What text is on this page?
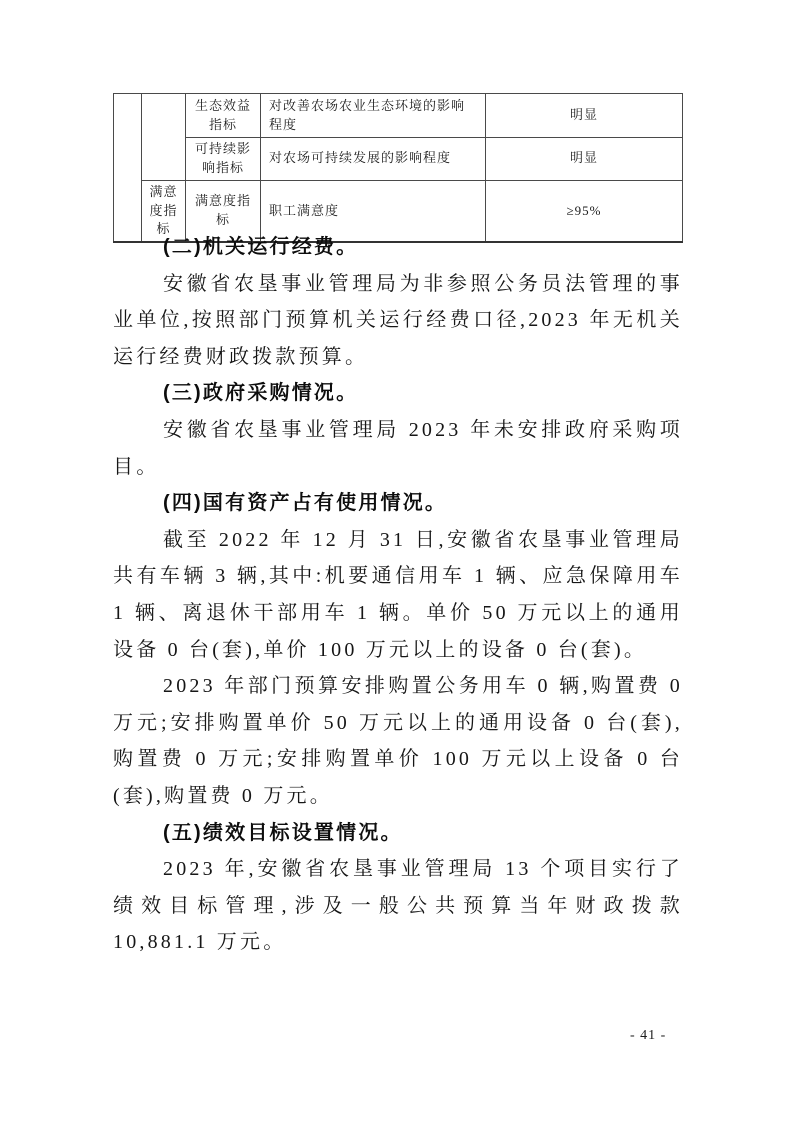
		生态效益指标	对改善农场农业生态环境的影响程度	明显
		可持续影响指标	对农场可持续发展的影响程度	明显
	满意度指标	满意度指标	职工满意度	≥95%

(二)机关运行经费。

安徽省农垦事业管理局为非参照公务员法管理的事业单位,按照部门预算机关运行经费口径,2023 年无机关运行经费财政拨款预算。

(三)政府采购情况。

安徽省农垦事业管理局 2023 年未安排政府采购项目。

(四)国有资产占有使用情况。

截至 2022 年 12 月 31 日,安徽省农垦事业管理局共有车辆 3 辆,其中:机要通信用车 1 辆、应急保障用车 1 辆、离退休干部用车 1 辆。单价 50 万元以上的通用设备 0 台(套),单价 100 万元以上的设备 0 台(套)。

2023 年部门预算安排购置公务用车 0 辆,购置费 0 万元;安排购置单价 50 万元以上的通用设备 0 台(套),购置费 0 万元;安排购置单价 100 万元以上设备 0 台(套),购置费 0 万元。

(五)绩效目标设置情况。

2023 年,安徽省农垦事业管理局 13 个项目实行了绩效目标管理,涉及一般公共预算当年财政拨款 10,881.1 万元。

- 41 -
